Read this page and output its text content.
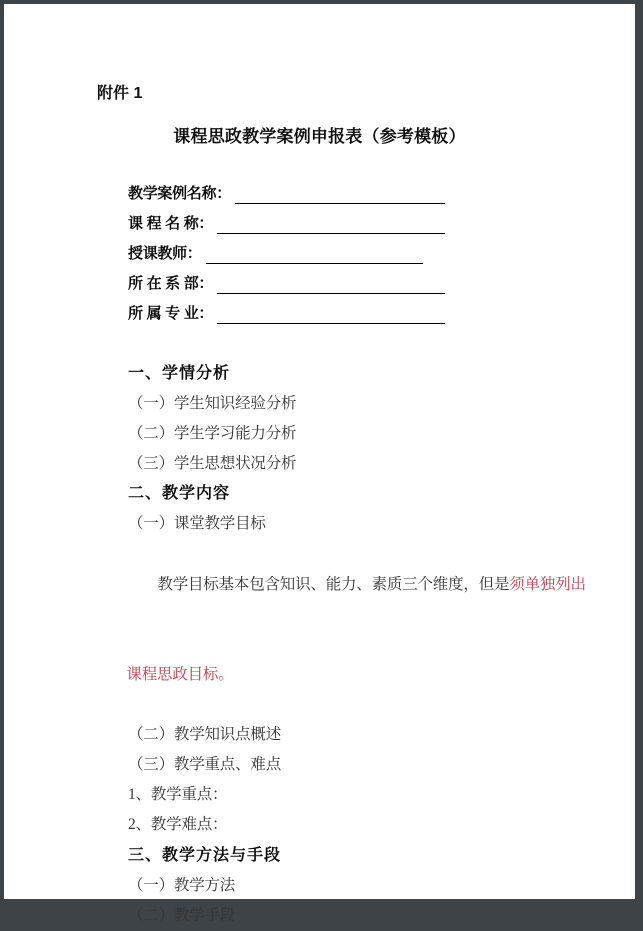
附件 1
课程思政教学案例申报表（参考模板）
教学案例名称：
课 程 名 称：
授课教师：
所 在 系 部：
所 属 专 业：
一、学情分析
（一）学生知识经验分析
（二）学生学习能力分析
（三）学生思想状况分析
二、教学内容
（一）课堂教学目标

教学目标基本包含知识、能力、素质三个维度，但是须单独列出

课程思政目标。

（二）教学知识点概述
（三）教学重点、难点
1、教学重点：
2、教学难点：
三、教学方法与手段
（一）教学方法
（二）教学手段
